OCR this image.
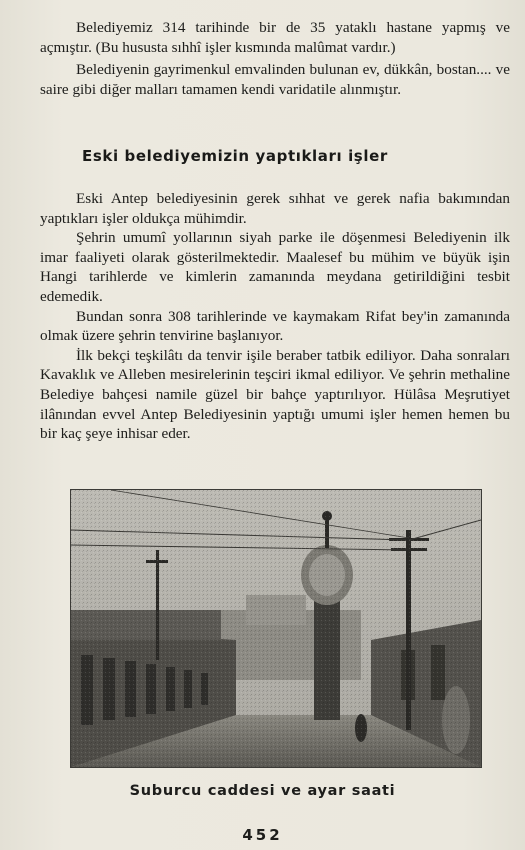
Belediyemiz 314 tarihinde bir de 35 yataklı hastane yapmış ve açmıştır. (Bu hususta sıhhî işler kısmında malûmat vardır.)

Belediyenin gayrimenkul emvalinden bulunan ev, dükkân, bostan.... ve saire gibi diğer malları tamamen kendi varidatile alınmıştır.

Eski belediyemizin yaptıkları işler

Eski Antep belediyesinin gerek sıhhat ve gerek nafia bakımından yaptıkları işler oldukça mühimdir.

Şehrin umumî yollarının siyah parke ile döşenmesi Belediyenin ilk imar faaliyeti olarak gösterilmektedir. Maalesef bu mühim ve büyük işin Hangi tarihlerde ve kimlerin zamanında meydana getirildiğini tesbit edemedik.

Bundan sonra 308 tarihlerinde ve kaymakam Rifat bey'in zamanında olmak üzere şehrin tenvirine başlanıyor.

İlk bekçi teşkilâtı da tenvir işile beraber tatbik ediliyor. Daha sonraları Kavaklık ve Alleben mesirelerinin teşciri ikmal ediliyor. Ve şehrin methaline Belediye bahçesi namile güzel bir bahçe yaptırılıyor. Hülâsa Meşrutiyet ilânından evvel Antep Belediyesinin yaptığı umumi işler hemen hemen bu bir kaç şeye inhisar eder.

Suburcu caddesi ve ayar saati
452
